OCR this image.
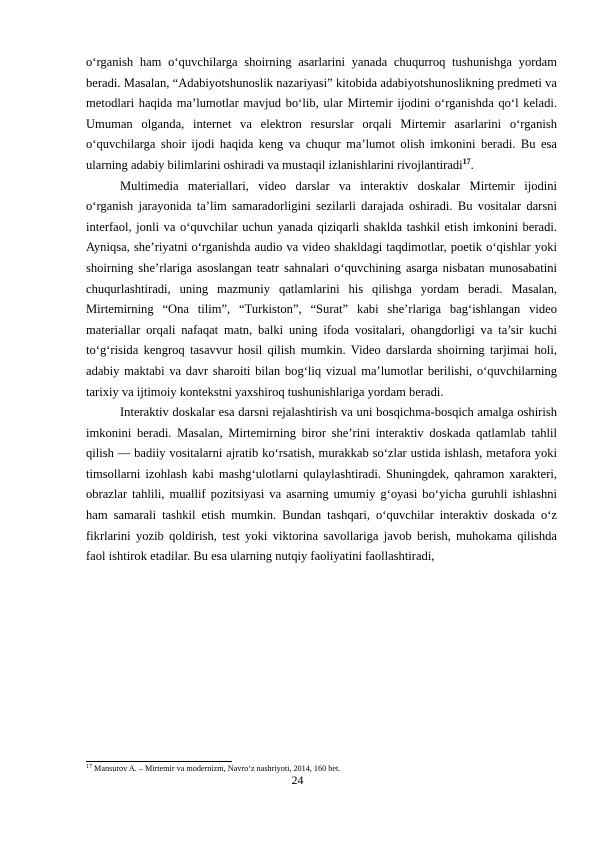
o‘rganish ham o‘quvchilarga shoirning asarlarini yanada chuqurroq tushunishga yordam beradi. Masalan, “Adabiyotshunoslik nazariyasi” kitobida adabiyotshunoslikning predmeti va metodlari haqida ma’lumotlar mavjud bo‘lib, ular Mirtemir ijodini o‘rganishda qo‘l keladi. Umuman olganda, internet va elektron resurslar orqali Mirtemir asarlarini o‘rganish o‘quvchilarga shoir ijodi haqida keng va chuqur ma’lumot olish imkonini beradi. Bu esa ularning adabiy bilimlarini oshiradi va mustaqil izlanishlarini rivojlantiradi$^{17}$.

Multimedia materiallari, video darslar va interaktiv doskalar Mirtemir ijodini o‘rganish jarayonida ta’lim samaradorligini sezilarli darajada oshiradi. Bu vositalar darsni interfaol, jonli va o‘quvchilar uchun yanada qiziqarli shaklda tashkil etish imkonini beradi. Ayniqsa, she’riyatni o‘rganishda audio va video shakldagi taqdimotlar, poetik o‘qishlar yoki shoirning she’rlariga asoslangan teatr sahnalari o‘quvchining asarga nisbatan munosabatini chuqurlashtiradi, uning mazmuniy qatlamlarini his qilishga yordam beradi. Masalan, Mirtemirning “Ona tilim”, “Turkiston”, “Surat” kabi she’rlariga bag‘ishlangan video materiallar orqali nafaqat matn, balki uning ifoda vositalari, ohangdorligi va ta’sir kuchi to‘g‘risida kengroq tasavvur hosil qilish mumkin. Video darslarda shoirning tarjimai holi, adabiy maktabi va davr sharoiti bilan bog‘liq vizual ma’lumotlar berilishi, o‘quvchilarning tarixiy va ijtimoiy kontekstni yaxshiroq tushunishlariga yordam beradi.

Interaktiv doskalar esa darsni rejalashtirish va uni bosqichma-bosqich amalga oshirish imkonini beradi. Masalan, Mirtemirning biror she’rini interaktiv doskada qatlamlab tahlil qilish — badiiy vositalarni ajratib ko‘rsatish, murakkab so‘zlar ustida ishlash, metafora yoki timsollarni izohlash kabi mashg‘ulotlarni qulaylashtiradi. Shuningdek, qahramon xarakteri, obrazlar tahlili, muallif pozitsiyasi va asarning umumiy g‘oyasi bo‘yicha guruhli ishlashni ham samarali tashkil etish mumkin. Bundan tashqari, o‘quvchilar interaktiv doskada o‘z fikrlarini yozib qoldirish, test yoki viktorina savollariga javob berish, muhokama qilishda faol ishtirok etadilar. Bu esa ularning nutqiy faoliyatini faollashtiradi,

$^{17}$ Mansurov A. – Mirtemir va modernizm, Navro‘z nashriyoti, 2014, 160 bet.
24
